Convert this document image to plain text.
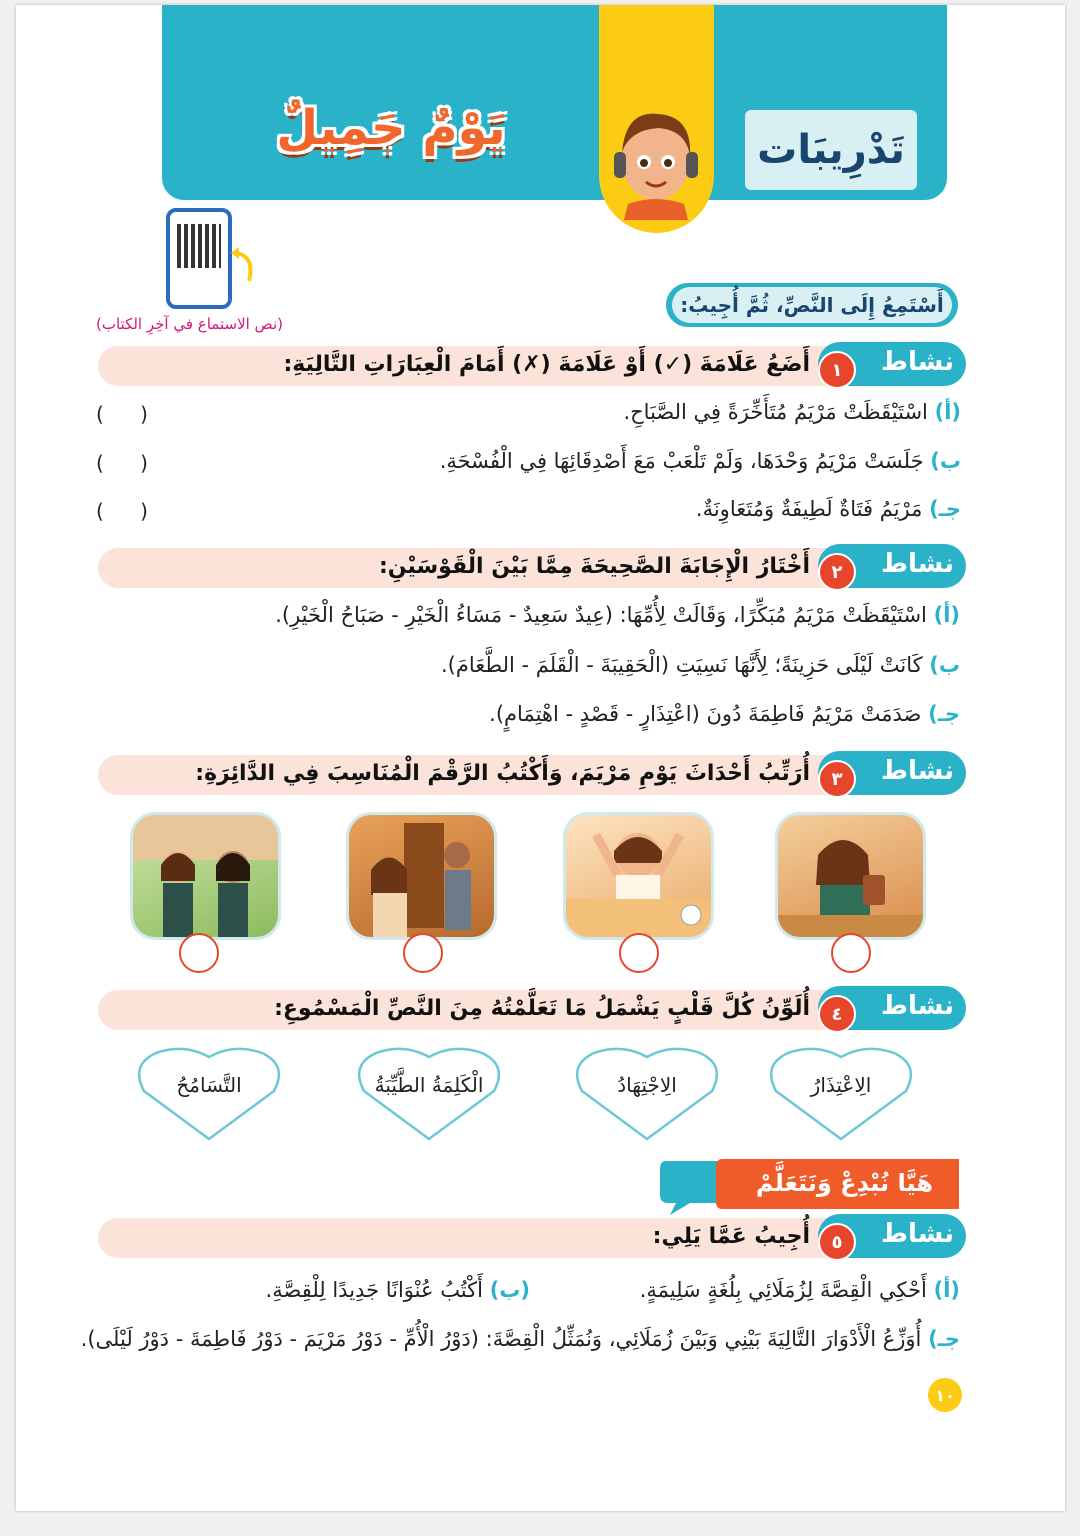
تَدْرِيبَات
يَوْمٌ جَمِيلٌ
(نص الاستماع في آخِرِ الكتاب)
أَسْتَمِعُ إِلَى النَّصِّ، ثُمَّ أُجِيبُ:
نشاط
١
أَضَعُ عَلَامَةَ (✓) أَوْ عَلَامَةَ (✗) أَمَامَ الْعِبَارَاتِ التَّالِيَةِ:
(أ) اسْتَيْقَظَتْ مَرْيَمُ مُتَأَخِّرَةً فِي الصَّبَاحِ.
( )
ب) جَلَسَتْ مَرْيَمُ وَحْدَهَا، وَلَمْ تَلْعَبْ مَعَ أَصْدِقَائِهَا فِي الْفُسْحَةِ.
( )
جـ) مَرْيَمُ فَتَاةٌ لَطِيفَةٌ وَمُتَعَاوِنَةٌ.
( )
نشاط
٢
أَخْتَارُ الْإِجَابَةَ الصَّحِيحَةَ مِمَّا بَيْنَ الْقَوْسَيْنِ:
(أ) اسْتَيْقَظَتْ مَرْيَمُ مُبَكِّرًا، وَقَالَتْ لِأُمِّهَا: (عِيدٌ سَعِيدٌ - مَسَاءُ الْخَيْرِ - صَبَاحُ الْخَيْرِ).
ب) كَانَتْ لَيْلَى حَزِينَةً؛ لِأَنَّهَا نَسِيَتِ (الْحَقِيبَةَ - الْقَلَمَ - الطَّعَامَ).
جـ) صَدَمَتْ مَرْيَمُ فَاطِمَةَ دُونَ (اعْتِذَارٍ - قَصْدٍ - اهْتِمَامٍ).
نشاط
٣
أُرَتِّبُ أَحْدَاثَ يَوْمِ مَرْيَمَ، وَأَكْتُبُ الرَّقْمَ الْمُنَاسِبَ فِي الدَّائِرَةِ:
نشاط
٤
أُلَوِّنُ كُلَّ قَلْبٍ يَشْمَلُ مَا تَعَلَّمْتُهُ مِنَ النَّصِّ الْمَسْمُوعِ:
الِاعْتِذَارُ
الِاجْتِهَادُ
الْكَلِمَةُ الطَّيِّبَةُ
التَّسَامُحُ
هَيَّا نُبْدِعْ وَنَتَعَلَّمْ
نشاط
٥
أُجِيبُ عَمَّا يَلِي:
(أ) أَحْكِي الْقِصَّةَ لِزُمَلَائِي بِلُغَةٍ سَلِيمَةٍ.
(ب) أَكْتُبُ عُنْوَانًا جَدِيدًا لِلْقِصَّةِ.
جـ) أُوَزِّعُ الْأَدْوَارَ التَّالِيَةَ بَيْنِي وَبَيْنَ زُمَلَائِي، وَنُمَثِّلُ الْقِصَّةَ: (دَوْرُ الْأُمِّ - دَوْرُ مَرْيَمَ - دَوْرُ فَاطِمَةَ - دَوْرُ لَيْلَى).
١٠
